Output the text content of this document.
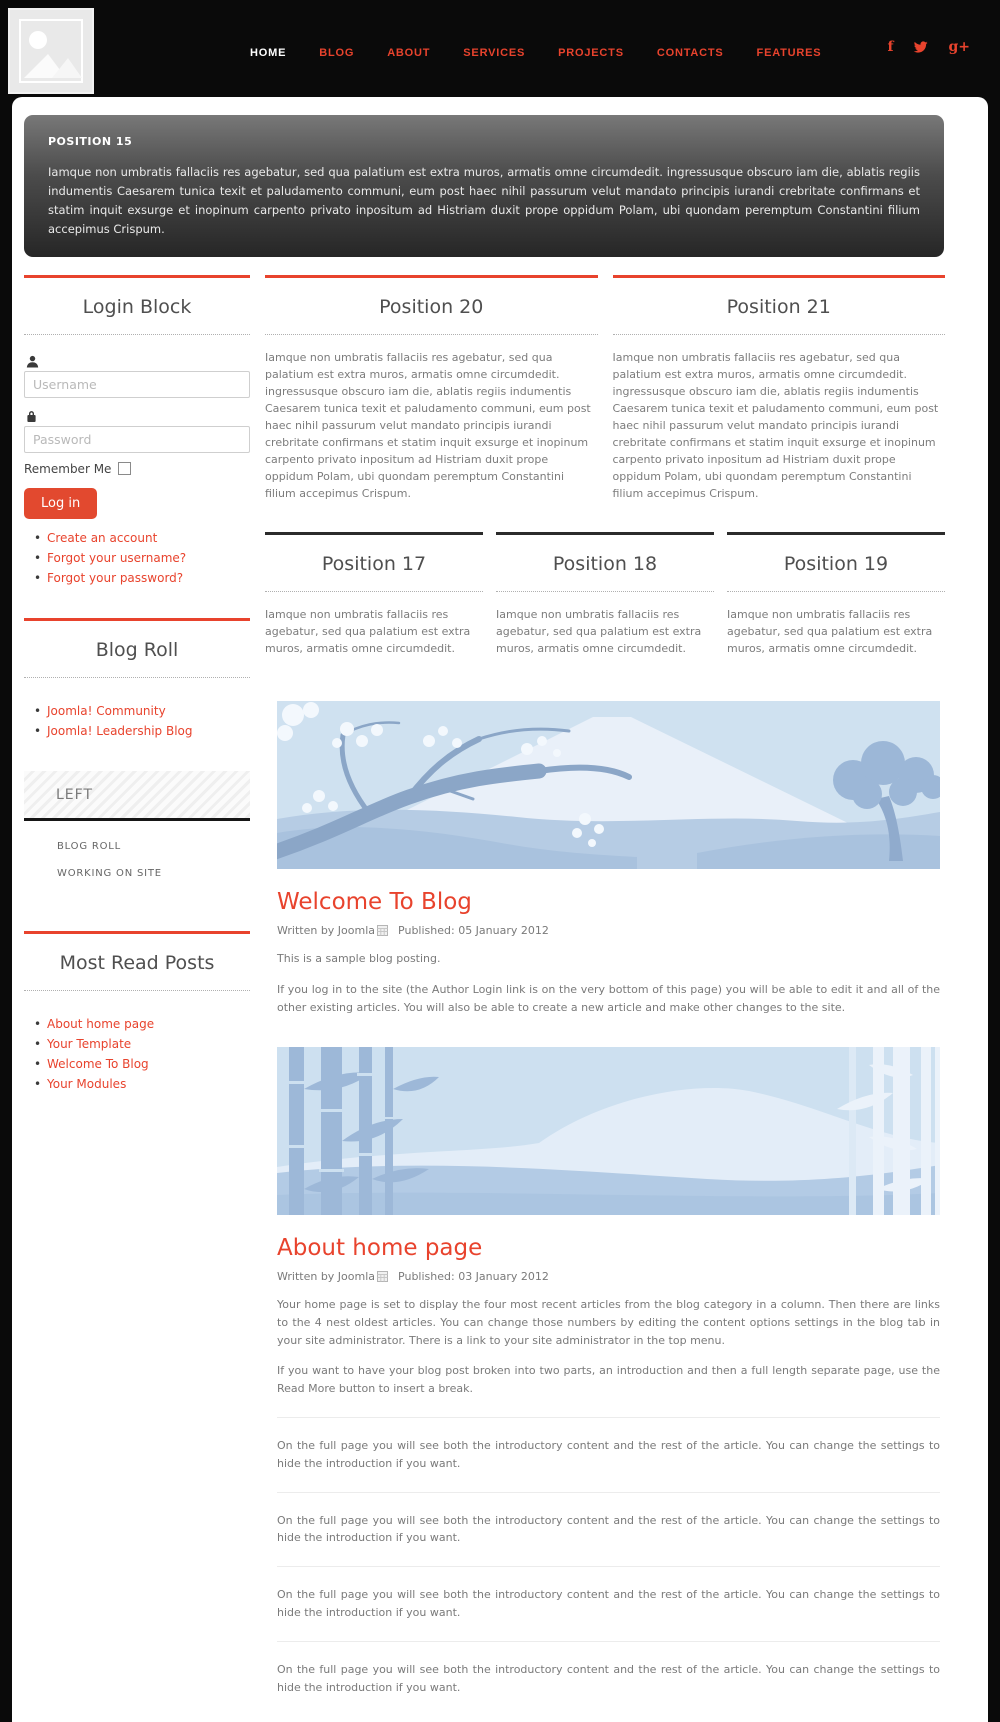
HOME	BLOG	ABOUT	SERVICES	PROJECTS	CONTACTS	FEATURES	f	g+
POSITION 15

Iamque non umbratis fallaciis res agebatur, sed qua palatium est extra muros, armatis omne circumdedit. ingressusque obscuro iam die, ablatis regiis indumentis Caesarem tunica texit et paludamento communi, eum post haec nihil passurum velut mandato principis iurandi crebritate confirmans et statim inquit exsurge et inopinum carpento privato inpositum ad Histriam duxit prope oppidum Polam, ubi quondam peremptum Constantini filium accepimus Crispum.

Login Block
Username
Remember Me
Log in
• Create an account
• Forgot your username?
• Forgot your password?
Blog Roll
• Joomla! Community
• Joomla! Leadership Blog
LEFT
BLOG ROLL
WORKING ON SITE
Most Read Posts
• About home page
• Your Template
• Welcome To Blog
• Your Modules
Position 20

Iamque non umbratis fallaciis res agebatur, sed qua palatium est extra muros, armatis omne circumdedit. ingressusque obscuro iam die, ablatis regiis indumentis Caesarem tunica texit et paludamento communi, eum post haec nihil passurum velut mandato principis iurandi crebritate confirmans et statim inquit exsurge et inopinum carpento privato inpositum ad Histriam duxit prope oppidum Polam, ubi quondam peremptum Constantini filium accepimus Crispum.

Position 21

Iamque non umbratis fallaciis res agebatur, sed qua palatium est extra muros, armatis omne circumdedit. ingressusque obscuro iam die, ablatis regiis indumentis Caesarem tunica texit et paludamento communi, eum post haec nihil passurum velut mandato principis iurandi crebritate confirmans et statim inquit exsurge et inopinum carpento privato inpositum ad Histriam duxit prope oppidum Polam, ubi quondam peremptum Constantini filium accepimus Crispum.

Position 17

Iamque non umbratis fallaciis res agebatur, sed qua palatium est extra muros, armatis omne circumdedit.

Position 18

Iamque non umbratis fallaciis res agebatur, sed qua palatium est extra muros, armatis omne circumdedit.

Position 19

Iamque non umbratis fallaciis res agebatur, sed qua palatium est extra muros, armatis omne circumdedit.

Welcome To Blog
Written by Joomla Published: 05 January 2012

This is a sample blog posting.

If you log in to the site (the Author Login link is on the very bottom of this page) you will be able to edit it and all of the other existing articles. You will also be able to create a new article and make other changes to the site.

About home page
Written by Joomla Published: 03 January 2012

Your home page is set to display the four most recent articles from the blog category in a column. Then there are links to the 4 nest oldest articles. You can change those numbers by editing the content options settings in the blog tab in your site administrator. There is a link to your site administrator in the top menu.

If you want to have your blog post broken into two parts, an introduction and then a full length separate page, use the Read More button to insert a break.

On the full page you will see both the introductory content and the rest of the article. You can change the settings to hide the introduction if you want.

On the full page you will see both the introductory content and the rest of the article. You can change the settings to hide the introduction if you want.

On the full page you will see both the introductory content and the rest of the article. You can change the settings to hide the introduction if you want.

On the full page you will see both the introductory content and the rest of the article. You can change the settings to hide the introduction if you want.
